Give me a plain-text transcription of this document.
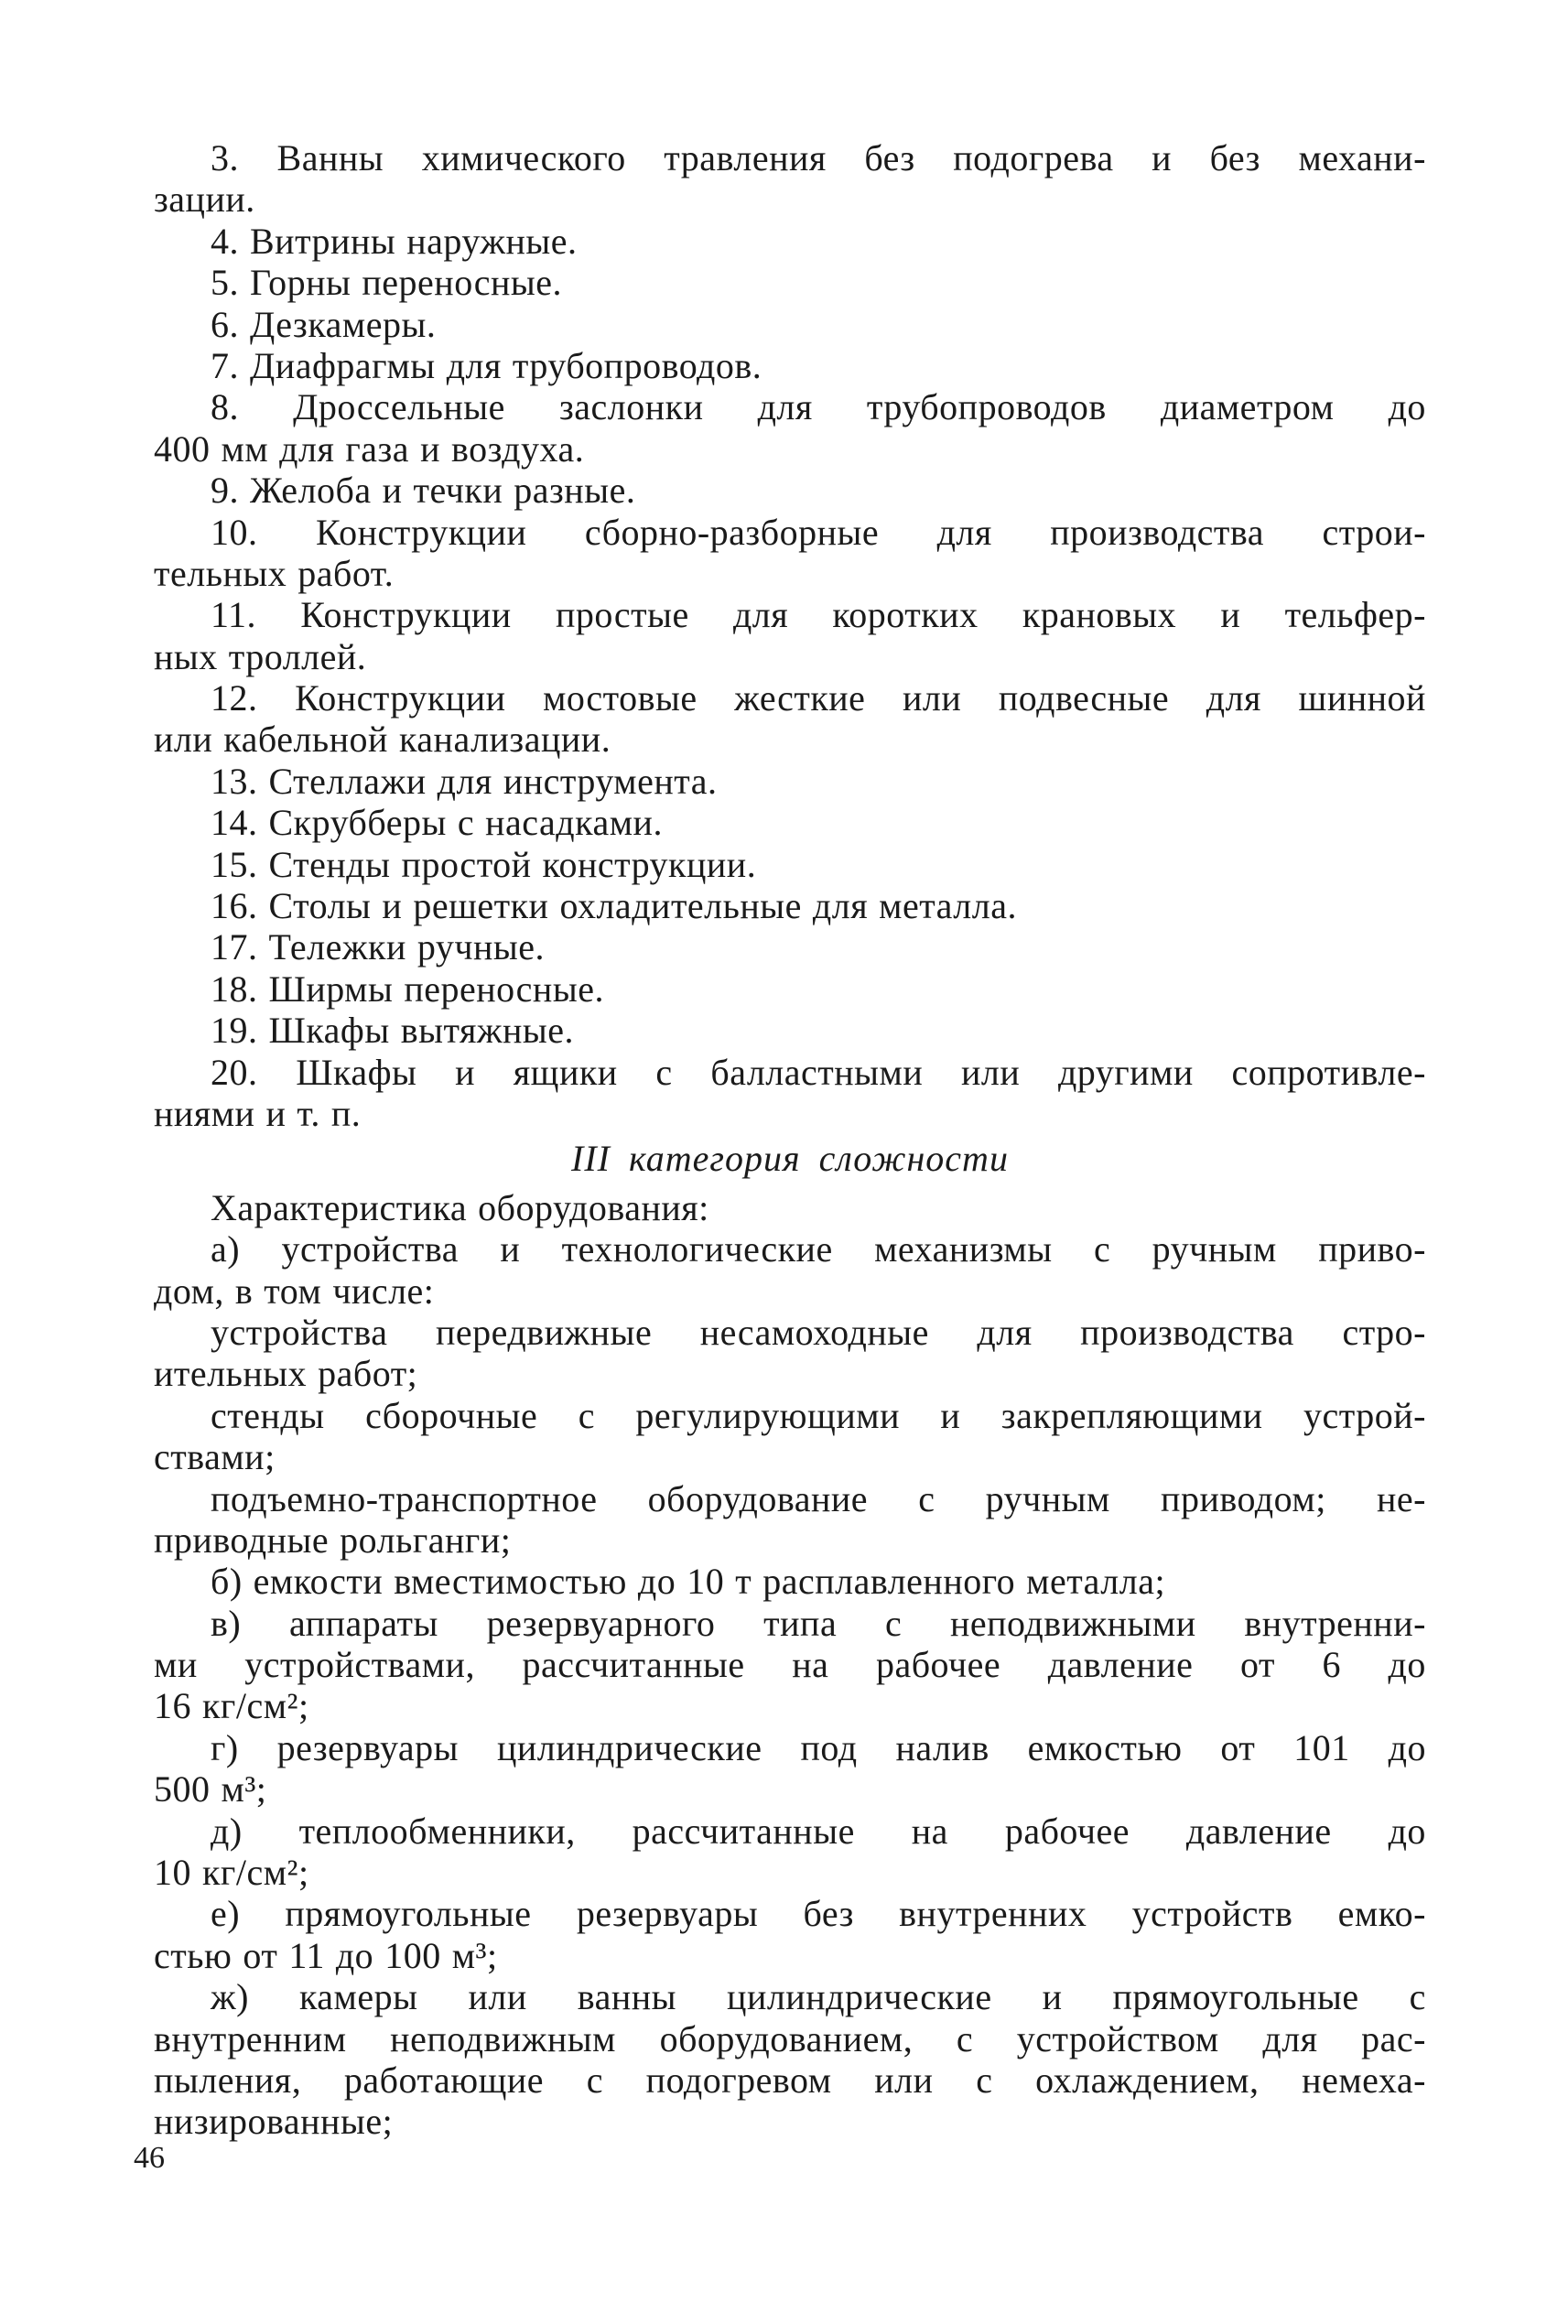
3. Ванны химического травления без подогрева и без механи-
зации.
4. Витрины наружные.
5. Горны переносные.
6. Дезкамеры.
7. Диафрагмы для трубопроводов.
8. Дроссельные заслонки для трубопроводов диаметром до
400 мм для газа и воздуха.
9. Желоба и течки разные.
10. Конструкции сборно-разборные для производства строи-
тельных работ.
11. Конструкции простые для коротких крановых и тельфер-
ных троллей.
12. Конструкции мостовые жесткие или подвесные для шинной
или кабельной канализации.
13. Стеллажи для инструмента.
14. Скрубберы с насадками.
15. Стенды простой конструкции.
16. Столы и решетки охладительные для металла.
17. Тележки ручные.
18. Ширмы переносные.
19. Шкафы вытяжные.
20. Шкафы и ящики с балластными или другими сопротивле-
ниями и т. п.
III категория сложности
Характеристика оборудования:
а) устройства и технологические механизмы с ручным приво-
дом, в том числе:
устройства передвижные несамоходные для производства стро-
ительных работ;
стенды сборочные с регулирующими и закрепляющими устрой-
ствами;
подъемно-транспортное оборудование с ручным приводом; не-
приводные рольганги;
б) емкости вместимостью до 10 т расплавленного металла;
в) аппараты резервуарного типа с неподвижными внутренни-
ми устройствами, рассчитанные на рабочее давление от 6 до
16 кг/см²;
г) резервуары цилиндрические под налив емкостью от 101 до
500 м³;
д) теплообменники, рассчитанные на рабочее давление до
10 кг/см²;
е) прямоугольные резервуары без внутренних устройств емко-
стью от 11 до 100 м³;
ж) камеры или ванны цилиндрические и прямоугольные с
внутренним неподвижным оборудованием, с устройством для рас-
пыления, работающие с подогревом или с охлаждением, немеха-
низированные;
46
